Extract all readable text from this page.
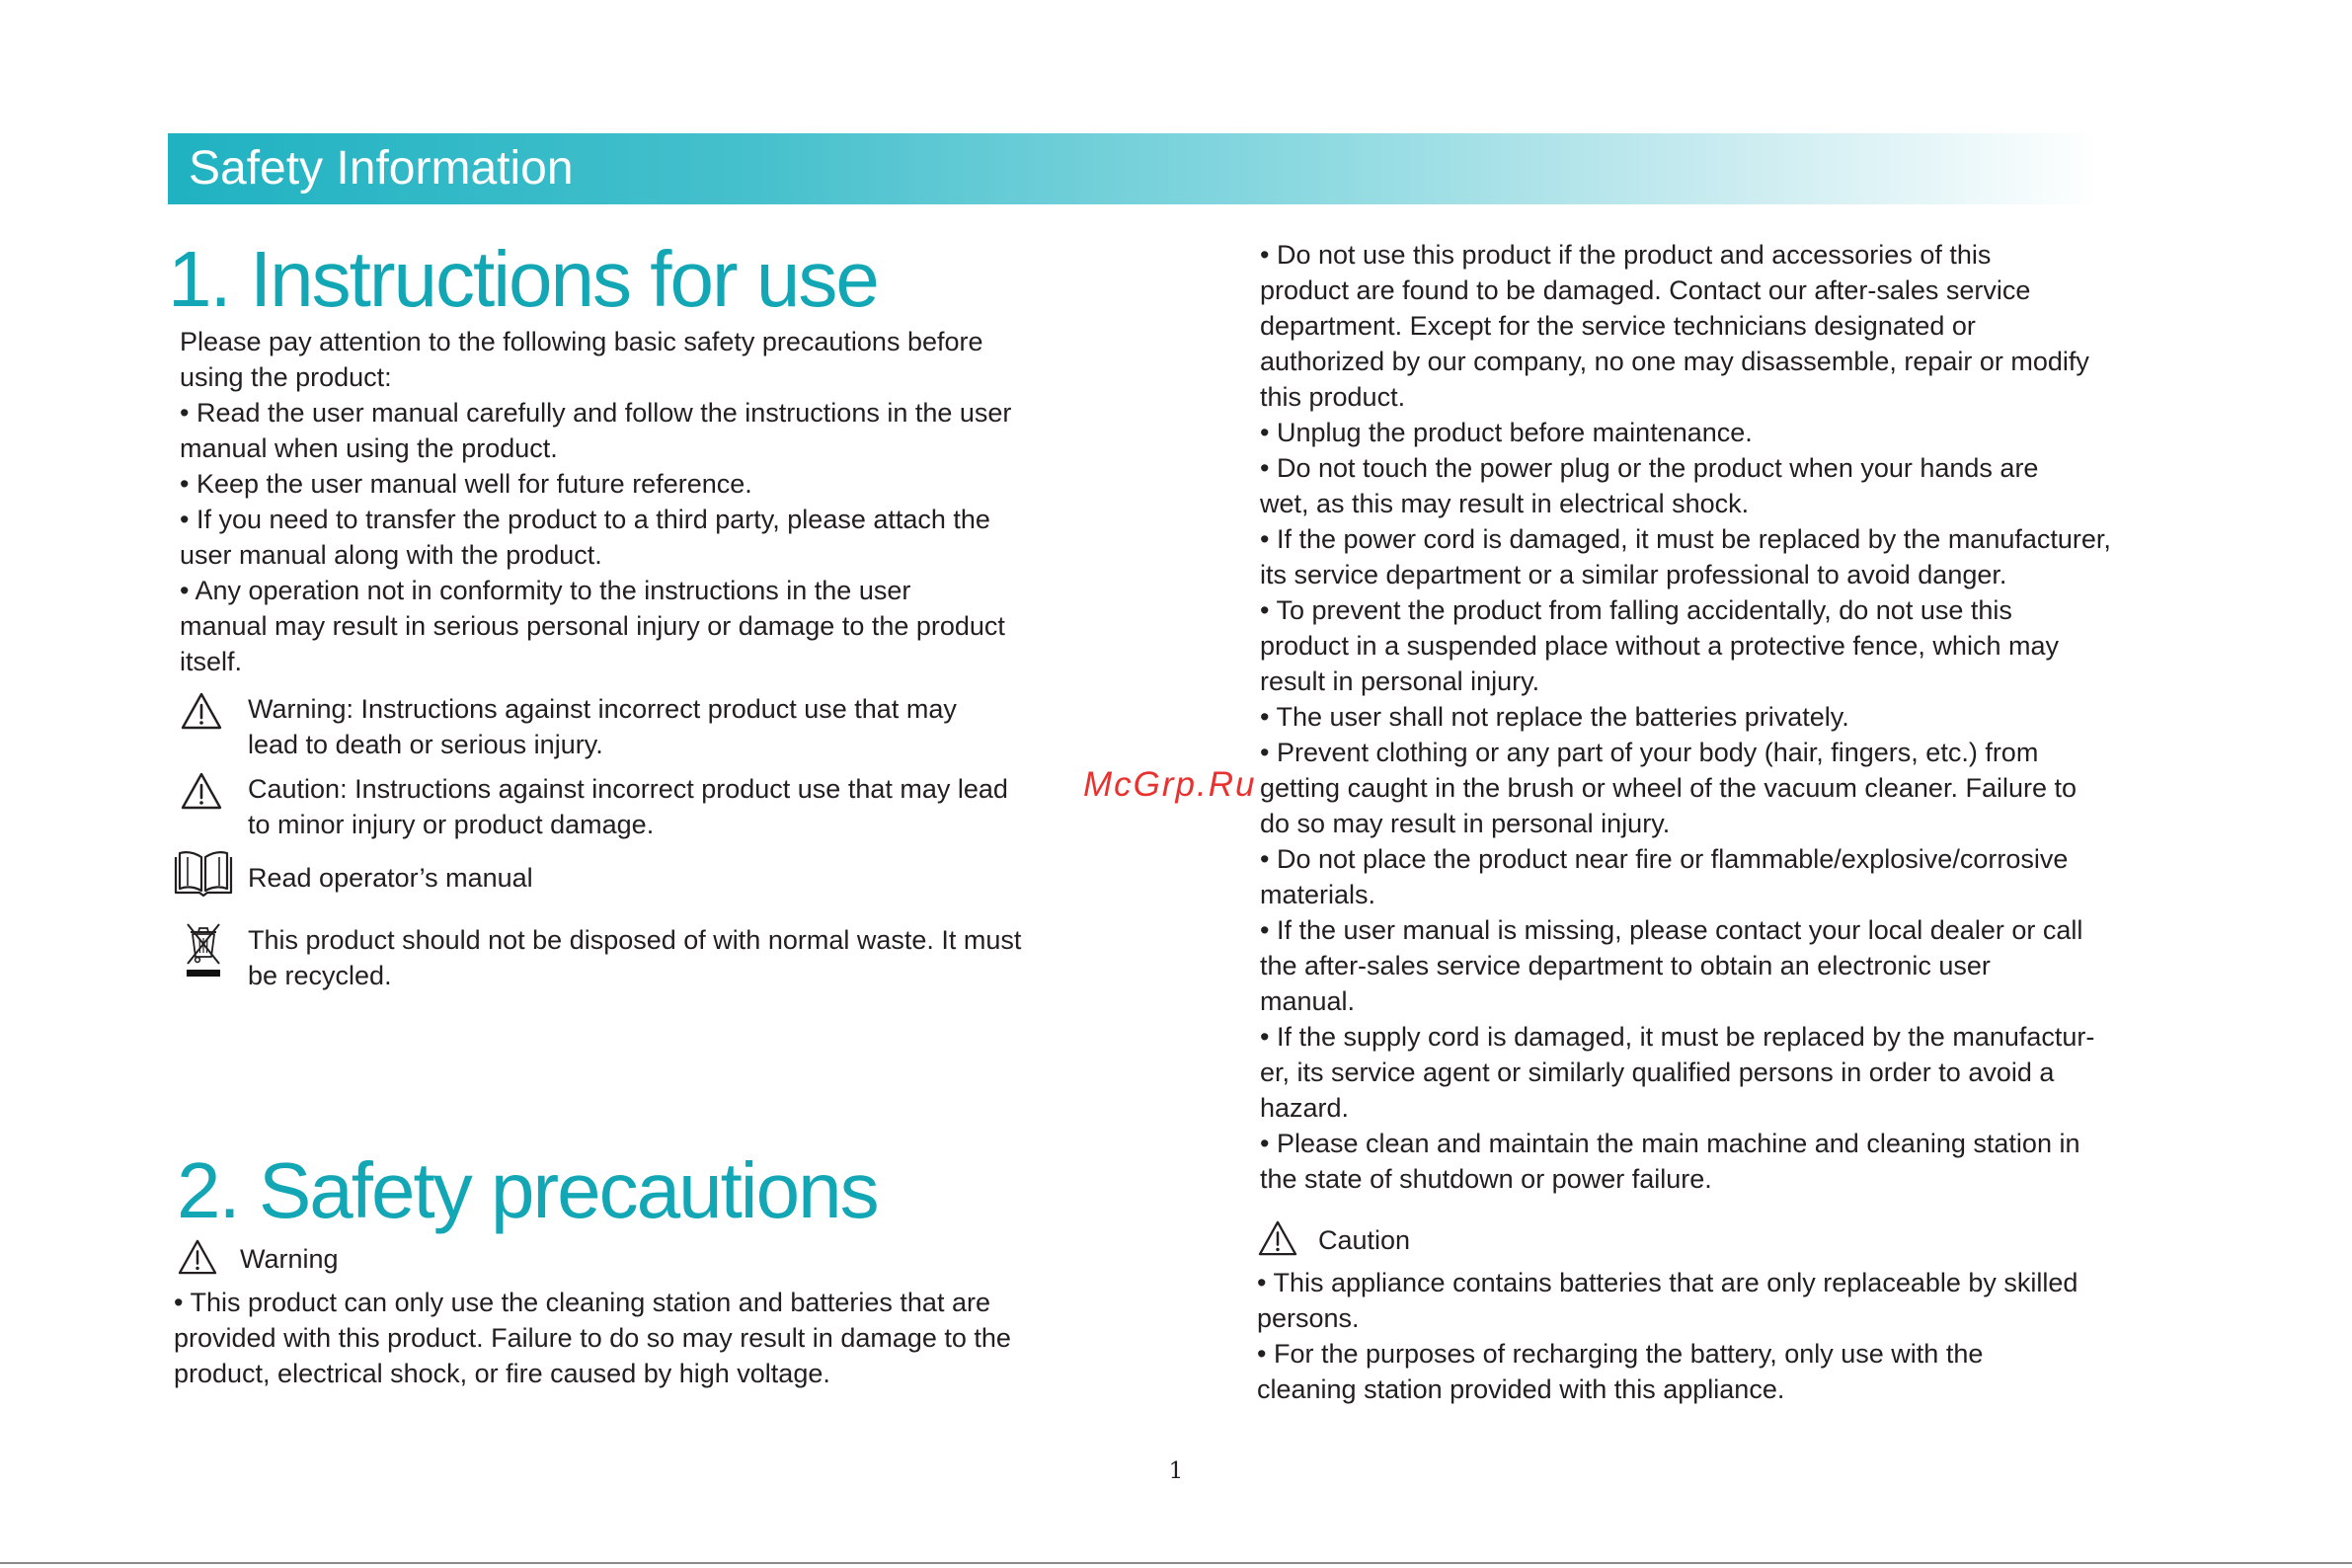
Safety Information
1. Instructions for use
Please pay attention to the following basic safety precautions before
using the product:
• Read the user manual carefully and follow the instructions in the user
manual when using the product.
• Keep the user manual well for future reference.
• If you need to transfer the product to a third party, please attach the
user manual along with the product.
• Any operation not in conformity to the instructions in the user
manual may result in serious personal injury or damage to the product
itself.
Warning: Instructions against incorrect product use that may
lead to death or serious injury.
Caution: Instructions against incorrect product use that may lead
to minor injury or product damage.
Read operator’s manual
This product should not be disposed of with normal waste. It must
be recycled.
2. Safety precautions
Warning
• This product can only use the cleaning station and batteries that are
provided with this product. Failure to do so may result in damage to the
product, electrical shock, or fire caused by high voltage.
• Do not use this product if the product and accessories of this
product are found to be damaged. Contact our after-sales service
department. Except for the service technicians designated or
authorized by our company, no one may disassemble, repair or modify
this product.
• Unplug the product before maintenance.
• Do not touch the power plug or the product when your hands are
wet, as this may result in electrical shock.
• If the power cord is damaged, it must be replaced by the manufacturer,
its service department or a similar professional to avoid danger.
• To prevent the product from falling accidentally, do not use this
product in a suspended place without a protective fence, which may
result in personal injury.
• The user shall not replace the batteries privately.
• Prevent clothing or any part of your body (hair, fingers, etc.) from
getting caught in the brush or wheel of the vacuum cleaner. Failure to
do so may result in personal injury.
• Do not place the product near fire or flammable/explosive/corrosive
materials.
• If the user manual is missing, please contact your local dealer or call
the after-sales service department to obtain an electronic user
manual.
• If the supply cord is damaged, it must be replaced by the manufactur-
er, its service agent or similarly qualified persons in order to avoid a
hazard.
• Please clean and maintain the main machine and cleaning station in
the state of shutdown or power failure.
Caution
• This appliance contains batteries that are only replaceable by skilled
persons.
• For the purposes of recharging the battery, only use with the
cleaning station provided with this appliance.
McGrp.Ru
1
